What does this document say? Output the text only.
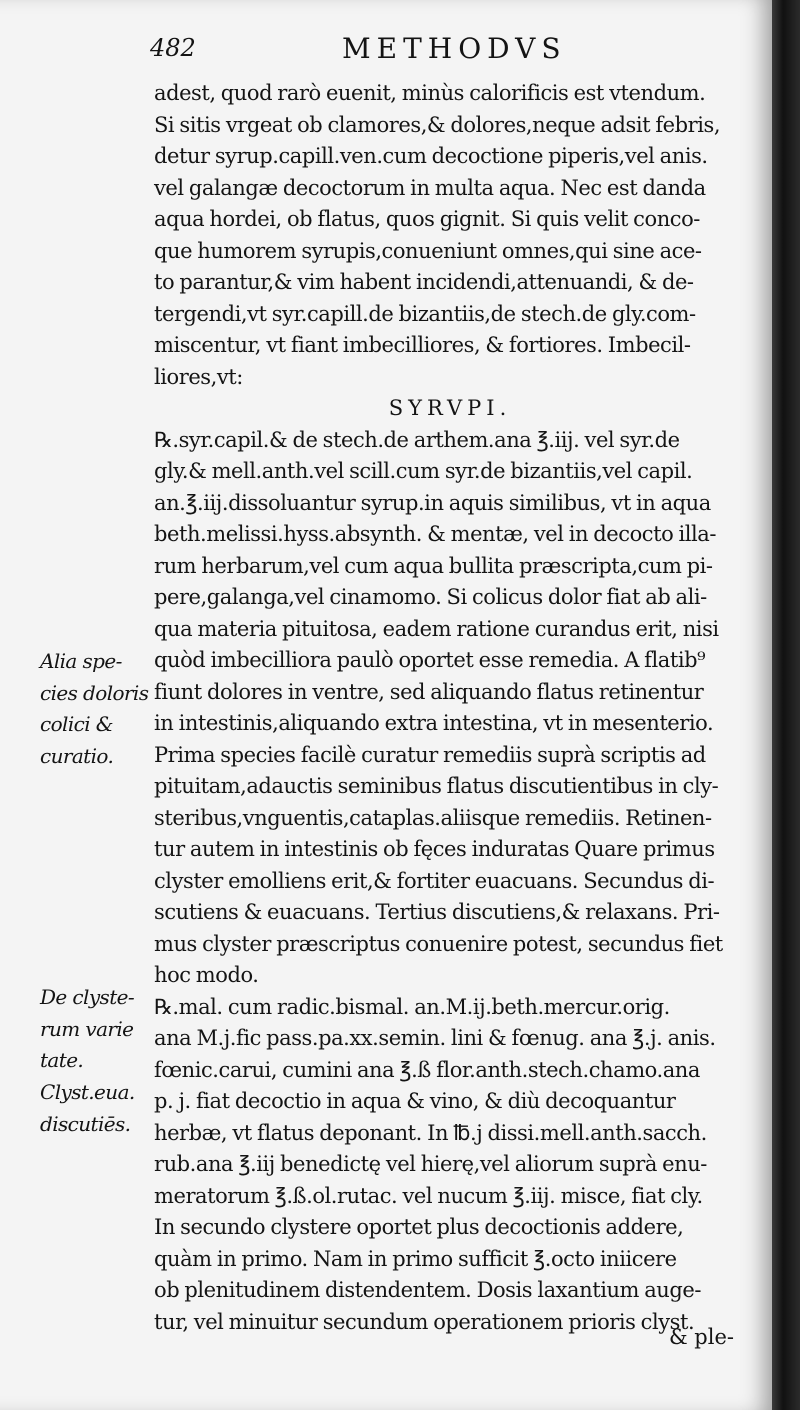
482	METHODVS
adest, quod rarò euenit, minùs calorificis est vtendum.
Si sitis vrgeat ob clamores,& dolores,neque adsit febris,
detur syrup.capill.ven.cum decoctione piperis,vel anis.
vel galangæ decoctorum in multa aqua. Nec est danda
aqua hordei, ob flatus, quos gignit. Si quis velit conco-
que humorem syrupis,conueniunt omnes,qui sine ace-
to parantur,& vim habent incidendi,attenuandi, & de-
tergendi,vt syr.capill.de bizantiis,de stech.de gly.com-
miscentur, vt fiant imbecilliores, & fortiores. Imbecil-
liores,vt:
SYRVPI.
℞.syr.capil.& de stech.de arthem.ana ℥.iij. vel syr.de
gly.& mell.anth.vel scill.cum syr.de bizantiis,vel capil.
an.℥.iij.dissoluantur syrup.in aquis similibus, vt in aqua
beth.melissi.hyss.absynth. & mentæ, vel in decocto illa-
rum herbarum,vel cum aqua bullita præscripta,cum pi-
pere,galanga,vel cinamomo. Si colicus dolor fiat ab ali-
qua materia pituitosa, eadem ratione curandus erit, nisi
quòd imbecilliora paulò oportet esse remedia. A flatib⁹
fiunt dolores in ventre, sed aliquando flatus retinentur
in intestinis,aliquando extra intestina, vt in mesenterio.
Prima species facilè curatur remediis suprà scriptis ad
pituitam,adauctis seminibus flatus discutientibus in cly-
steribus,vnguentis,cataplas.aliisque remediis. Retinen-
tur autem in intestinis ob fęces induratas Quare primus
clyster emolliens erit,& fortiter euacuans. Secundus di-
scutiens & euacuans. Tertius discutiens,& relaxans. Pri-
mus clyster præscriptus conuenire potest, secundus fiet
hoc modo.
℞.mal. cum radic.bismal. an.M.ij.beth.mercur.orig.
ana M.j.fic pass.pa.xx.semin. lini & fœnug. ana ℥.j. anis.
fœnic.carui, cumini ana ℥.ß flor.anth.stech.chamo.ana
p. j. fiat decoctio in aqua & vino, & diù decoquantur
herbæ, vt flatus deponant. In ℔.j dissi.mell.anth.sacch.
rub.ana ℥.iij benedictę vel hierę,vel aliorum suprà enu-
meratorum ℥.ß.ol.rutac. vel nucum ℥.iij. misce, fiat cly.
In secundo clystere oportet plus decoctionis addere,
quàm in primo. Nam in primo sufficit ℥.octo iniicere
ob plenitudinem distendentem. Dosis laxantium auge-
tur, vel minuitur secundum operationem prioris clyst.
Alia spe-
cies doloris
colici &
curatio.
De clyste-
rum varie
tate.
Clyst.eua.
discutiēs.
& ple-
